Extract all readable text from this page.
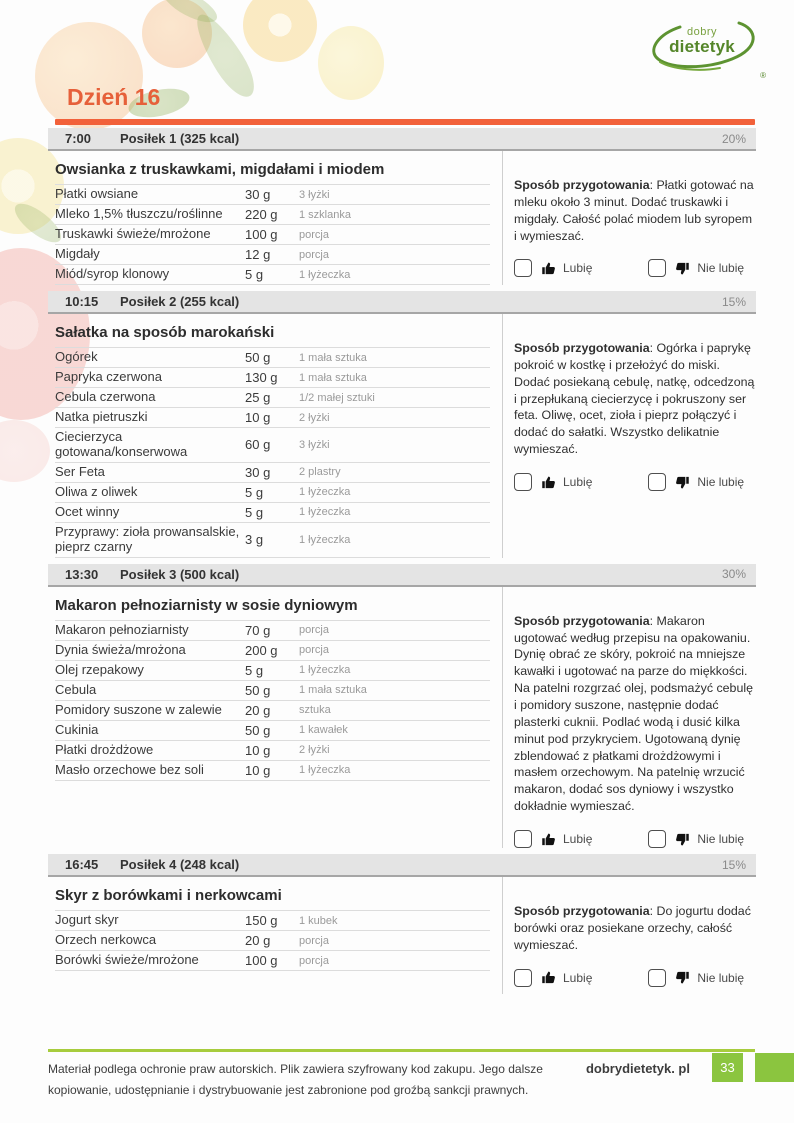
dobry
dietetyk
®
Dzień 16
7:00	Posiłek 1 (325 kcal)	20%
Owsianka z truskawkami, migdałami i miodem
Płatki owsiane	30 g	3 łyżki
Mleko 1,5% tłuszczu/roślinne	220 g	1 szklanka
Truskawki świeże/mrożone	100 g	porcja
Migdały	12 g	porcja
Miód/syrop klonowy	5 g	1 łyżeczka
Sposób przygotowania: Płatki gotować na mleku około 3 minut. Dodać truskawki i migdały. Całość polać miodem lub syropem i wymieszać.
Lubię	Nie lubię
10:15	Posiłek 2 (255 kcal)	15%
Sałatka na sposób marokański
Ogórek	50 g	1 mała sztuka
Papryka czerwona	130 g	1 mała sztuka
Cebula czerwona	25 g	1/2 małej sztuki
Natka pietruszki	10 g	2 łyżki
Ciecierzyca gotowana/konserwowa	60 g	3 łyżki
Ser Feta	30 g	2 plastry
Oliwa z oliwek	5 g	1 łyżeczka
Ocet winny	5 g	1 łyżeczka
Przyprawy: zioła prowansalskie, pieprz czarny	3 g	1 łyżeczka
Sposób przygotowania: Ogórka i paprykę pokroić w kostkę i przełożyć do miski. Dodać posiekaną cebulę, natkę, odcedzoną i przepłukaną ciecierzycę i pokruszony ser feta. Oliwę, ocet, zioła i pieprz połączyć i dodać do sałatki. Wszystko delikatnie wymieszać.
Lubię	Nie lubię
13:30	Posiłek 3 (500 kcal)	30%
Makaron pełnoziarnisty w sosie dyniowym
Makaron pełnoziarnisty	70 g	porcja
Dynia świeża/mrożona	200 g	porcja
Olej rzepakowy	5 g	1 łyżeczka
Cebula	50 g	1 mała sztuka
Pomidory suszone w zalewie	20 g	sztuka
Cukinia	50 g	1 kawałek
Płatki drożdżowe	10 g	2 łyżki
Masło orzechowe bez soli	10 g	1 łyżeczka
Sposób przygotowania: Makaron ugotować według przepisu na opakowaniu. Dynię obrać ze skóry, pokroić na mniejsze kawałki i ugotować na parze do miękkości. Na patelni rozgrzać olej, podsmażyć cebulę i pomidory suszone, następnie dodać plasterki cuknii. Podlać wodą i dusić kilka minut pod przykryciem. Ugotowaną dynię zblendować z płatkami drożdżowymi i masłem orzechowym. Na patelnię wrzucić makaron, dodać sos dyniowy i wszystko dokładnie wymieszać.
Lubię	Nie lubię
16:45	Posiłek 4 (248 kcal)	15%
Skyr z borówkami i nerkowcami
Jogurt skyr	150 g	1 kubek
Orzech nerkowca	20 g	porcja
Borówki świeże/mrożone	100 g	porcja
Sposób przygotowania: Do jogurtu dodać borówki oraz posiekane orzechy, całość wymieszać.
Lubię	Nie lubię
Materiał podlega ochronie praw autorskich. Plik zawiera szyfrowany kod zakupu. Jego dalsze kopiowanie, udostępnianie i dystrybuowanie jest zabronione pod groźbą sankcji prawnych.
dobrydietetyk. pl	33
